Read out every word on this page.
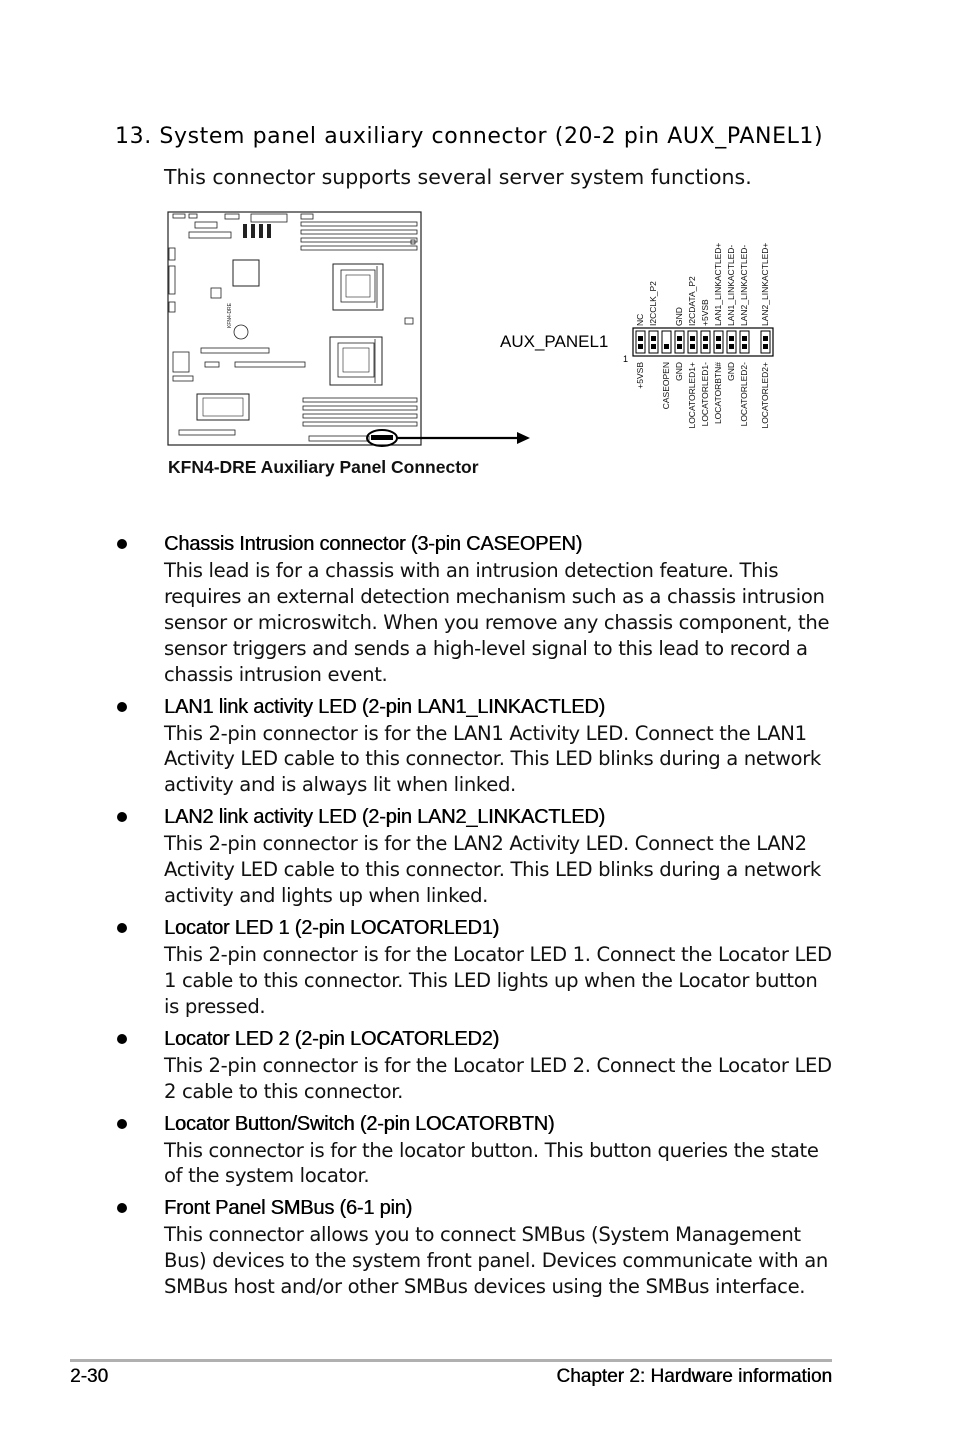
13. System panel auxiliary connector (20-2 pin AUX_PANEL1)

This connector supports several server system functions.

KFN4-DRE
AUX_PANEL1
1
NC I2CCLK_P2 GND I2CDATA_P2 +5VSB LAN1_LINKACTLED+ LAN1_LINKACTLED- LAN2_LINKACTLED- LAN2_LINKACTLED+
+5VSB CASEOPEN GND LOCATORLED1+ LOCATORLED1- LOCATORBTN# GND LOCATORLED2- LOCATORLED2+

KFN4-DRE Auxiliary Panel Connector

Chassis Intrusion connector (3-pin CASEOPEN)
This lead is for a chassis with an intrusion detection feature. This requires an external detection mechanism such as a chassis intrusion sensor or microswitch. When you remove any chassis component, the sensor triggers and sends a high-level signal to this lead to record a chassis intrusion event.
LAN1 link activity LED (2-pin LAN1_LINKACTLED)
This 2-pin connector is for the LAN1 Activity LED. Connect the LAN1 Activity LED cable to this connector. This LED blinks during a network activity and is always lit when linked.
LAN2 link activity LED (2-pin LAN2_LINKACTLED)
This 2-pin connector is for the LAN2 Activity LED. Connect the LAN2 Activity LED cable to this connector. This LED blinks during a network activity and lights up when linked.
Locator LED 1 (2-pin LOCATORLED1)
This 2-pin connector is for the Locator LED 1. Connect the Locator LED 1 cable to this connector. This LED lights up when the Locator button is pressed.
Locator LED 2 (2-pin LOCATORLED2)
This 2-pin connector is for the Locator LED 2. Connect the Locator LED 2 cable to this connector.
Locator Button/Switch (2-pin LOCATORBTN)
This connector is for the locator button. This button queries the state of the system locator.
Front Panel SMBus (6-1 pin)
This connector allows you to connect SMBus (System Management Bus) devices to the system front panel. Devices communicate with an SMBus host and/or other SMBus devices using the SMBus interface.
2-30	Chapter 2: Hardware information
